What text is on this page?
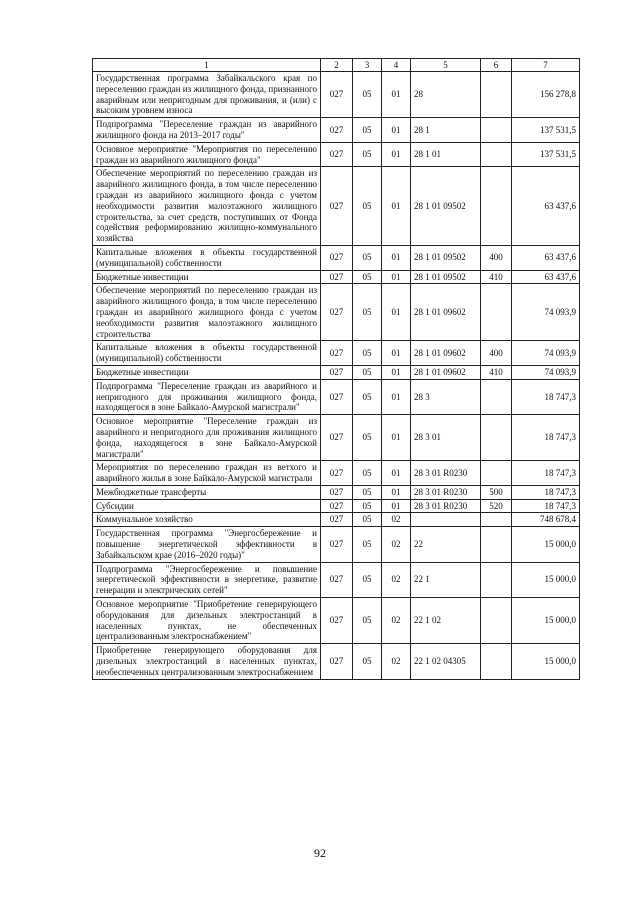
1	2	3	4	5	6	7
Государственная программа Забайкальского края по переселению граждан из жилищного фонда, признанного аварийным или непригодным для проживания, и (или) с высоким уровнем износа	027	05	01	28		156 278,8
Подпрограмма "Переселение граждан из аварийного жилищного фонда на 2013–2017 годы"	027	05	01	28 1		137 531,5
Основное мероприятие "Мероприятия по переселению граждан из аварийного жилищного фонда"	027	05	01	28 1 01		137 531,5
Обеспечение мероприятий по переселению граждан из аварийного жилищного фонда, в том числе переселению граждан из аварийного жилищного фонда с учетом необходимости развития малоэтажного жилищного строительства, за счет средств, поступивших от Фонда содействия реформированию жилищно-коммунального хозяйства	027	05	01	28 1 01 09502		63 437,6
Капитальные вложения в объекты государственной (муниципальной) собственности	027	05	01	28 1 01 09502	400	63 437,6
Бюджетные инвестиции	027	05	01	28 1 01 09502	410	63 437,6
Обеспечение мероприятий по переселению граждан из аварийного жилищного фонда, в том числе переселению граждан из аварийного жилищного фонда с учетом необходимости развития малоэтажного жилищного строительства	027	05	01	28 1 01 09602		74 093,9
Капитальные вложения в объекты государственной (муниципальной) собственности	027	05	01	28 1 01 09602	400	74 093,9
Бюджетные инвестиции	027	05	01	28 1 01 09602	410	74 093,9
Подпрограмма "Переселение граждан из аварийного и непригодного для проживания жилищного фонда, находящегося в зоне Байкало-Амурской магистрали"	027	05	01	28 3		18 747,3
Основное мероприятие "Переселение граждан из аварийного и непригодного для проживания жилищного фонда, находящегося в зоне Байкало-Амурской магистрали"	027	05	01	28 3 01		18 747,3
Мероприятия по переселению граждан из ветхого и аварийного жилья в зоне Байкало-Амурской магистрали	027	05	01	28 3 01 R0230		18 747,3
Межбюджетные трансферты	027	05	01	28 3 01 R0230	500	18 747,3
Субсидии	027	05	01	28 3 01 R0230	520	18 747,3
Коммунальное хозяйство	027	05	02			748 678,4
Государственная программа "Энергосбережение и повышение энергетической эффективности в Забайкальском крае (2016–2020 годы)"	027	05	02	22		15 000,0
Подпрограмма "Энергосбережение и повышение энергетической эффективности в энергетике, развитие генерации и электрических сетей"	027	05	02	22 1		15 000,0
Основное мероприятие "Приобретение генерирующего оборудования для дизельных электростанций в населенных пунктах, не обеспеченных централизованным электроснабжением"	027	05	02	22 1 02		15 000,0
Приобретение генерирующего оборудования для дизельных электростанций в населенных пунктах, необеспеченных централизованным электроснабжением	027	05	02	22 1 02 04305		15 000,0
92
